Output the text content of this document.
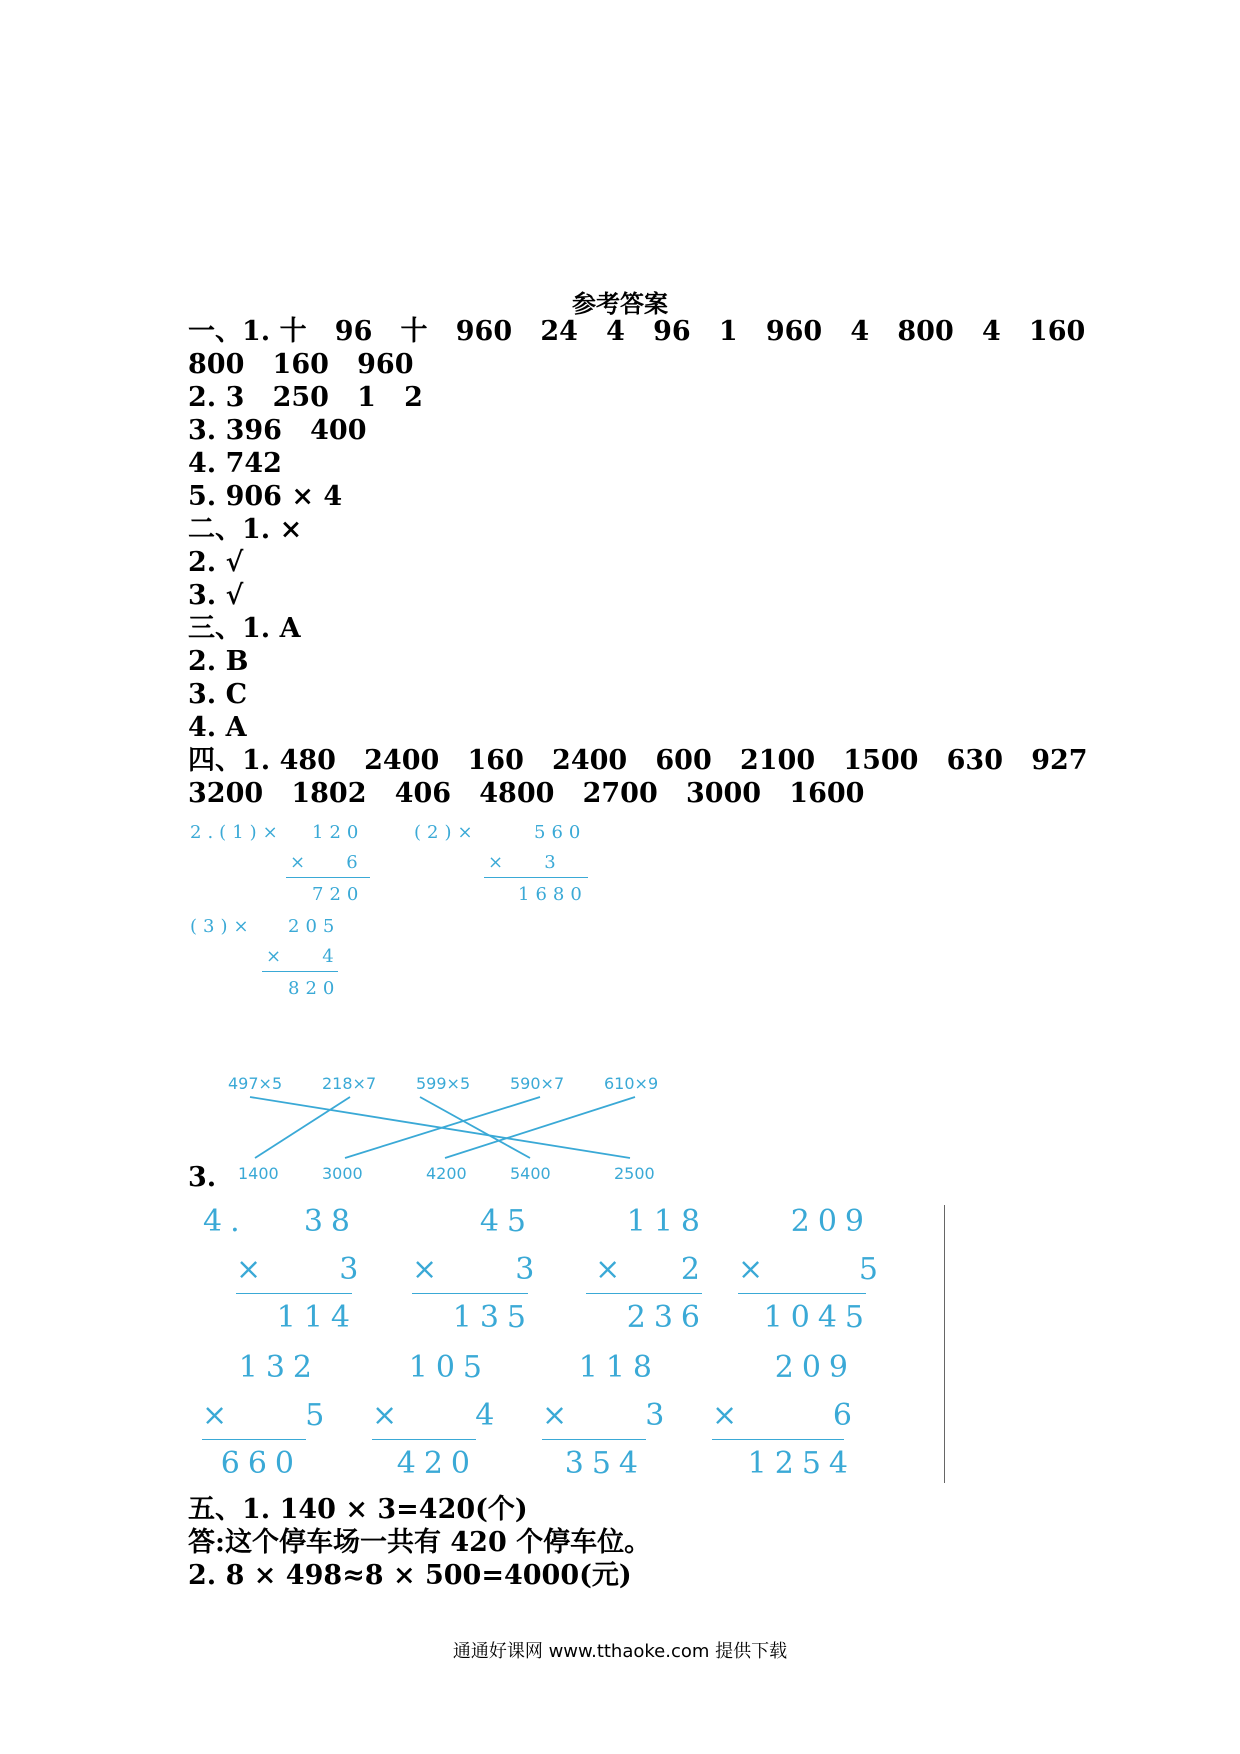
参考答案
一、1. 十   96   十   960   24   4   96   1   960   4   800   4   160
800   160   960
2. 3   250   1   2
3. 396   400
4. 742
5. 906 × 4
二、1. ×
2. √
3. √
三、1. A
2. B
3. C
4. A
四、1. 480   2400   160   2400   600   2100   1500   630   927
3200   1802   406   4800   2700   3000   1600
2.(1)× 120
×   6
720
(2)×	560
×   3
1680
(3)× 205
×   4
820
3.
497×5 218×7 599×5 590×7 610×9
1400	3000	4200	5400	2500
4.	38
×    3
114
45
×    3
135
118
×   2
236
209
×     5
1045
132
×    5
660
105
×    4
420
118
×    3
354
209
×     6
1254
五、1. 140 × 3=420(个)
答:这个停车场一共有 420 个停车位。
2. 8 × 498≈8 × 500=4000(元)
通通好课网 www.tthaoke.com 提供下载
